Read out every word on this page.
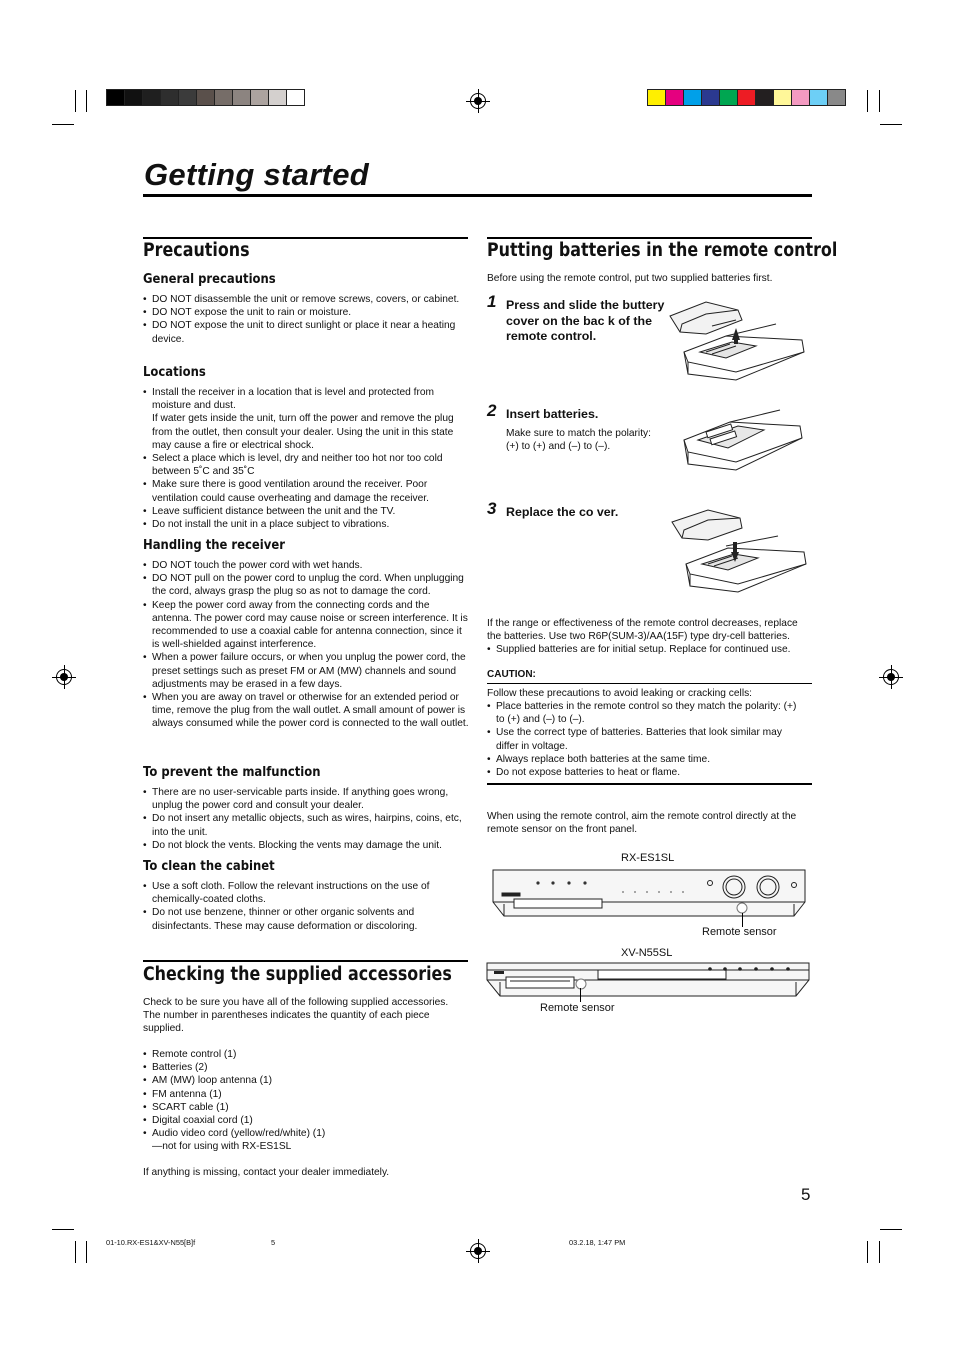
Getting started
Precautions
General precautions
• DO NOT disassemble the unit or remove screws, covers, or cabinet.
• DO NOT expose the unit to rain or moisture.
• DO NOT expose the unit to direct sunlight or place it near a heating device.
Locations
• Install the receiver in a location that is level and protected from moisture and dust.
If water gets inside the unit, turn off the power and remove the plug from the outlet, then consult your dealer. Using the unit in this state may cause a fire or electrical shock.
• Select a place which is level, dry and neither too hot nor too cold between 5˚C and 35˚C
• Make sure there is good ventilation around the receiver. Poor ventilation could cause overheating and damage the receiver.
• Leave sufficient distance between the unit and the TV.
• Do not install the unit in a place subject to vibrations.
Handling the receiver
• DO NOT touch the power cord with wet hands.
• DO NOT pull on the power cord to unplug the cord. When unplugging the cord, always grasp the plug so as not to damage the cord.
• Keep the power cord away from the connecting cords and the antenna. The power cord may cause noise or screen interference. It is recommended to use a coaxial cable for antenna connection, since it is well-shielded against interference.
• When a power failure occurs, or when you unplug the power cord, the preset settings such as preset FM or AM (MW) channels and sound adjustments may be erased in a few days.
• When you are away on travel or otherwise for an extended period or time, remove the plug from the wall outlet. A small amount of power is always consumed while the power cord is connected to the wall outlet.
To prevent the malfunction
• There are no user-servicable parts inside. If anything goes wrong, unplug the power cord and consult your dealer.
• Do not insert any metallic objects, such as wires, hairpins, coins, etc, into the unit.
• Do not block the vents. Blocking the vents may damage the unit.
To clean the cabinet
• Use a soft cloth. Follow the relevant instructions on the use of chemically-coated cloths.
• Do not use benzene, thinner or other organic solvents and disinfectants. These may cause deformation or discoloring.
Checking the supplied accessories
Check to be sure you have all of the following supplied accessories. The number in parentheses indicates the quantity of each piece supplied.
• Remote control (1)
• Batteries (2)
• AM (MW) loop antenna (1)
• FM antenna (1)
• SCART cable (1)
• Digital coaxial cord (1)
• Audio video cord (yellow/red/white) (1)
—not for using with RX-ES1SL
If anything is missing, contact your dealer immediately.
Putting batteries in the remote control
Before using the remote control, put two supplied batteries first.
1 Press and slide the buttery cover on the bac k of the remote control.
2 Insert batteries.
Make sure to match the polarity: (+) to (+) and (–) to (–).
3 Replace the co ver.
If the range or effectiveness of the remote control decreases, replace the batteries. Use two R6P(SUM-3)/AA(15F) type dry-cell batteries.
• Supplied batteries are for initial setup. Replace for continued use.
CAUTION:
Follow these precautions to avoid leaking or cracking cells:
• Place batteries in the remote control so they match the polarity: (+) to (+) and (–) to (–).
• Use the correct type of batteries. Batteries that look similar may differ in voltage.
• Always replace both batteries at the same time.
• Do not expose batteries to heat or flame.
When using the remote control, aim the remote control directly at the remote sensor on the front panel.
RX-ES1SL
Remote sensor
XV-N55SL
Remote sensor
5
01-10.RX-ES1&XV-N55[B]f	5	03.2.18, 1:47 PM
